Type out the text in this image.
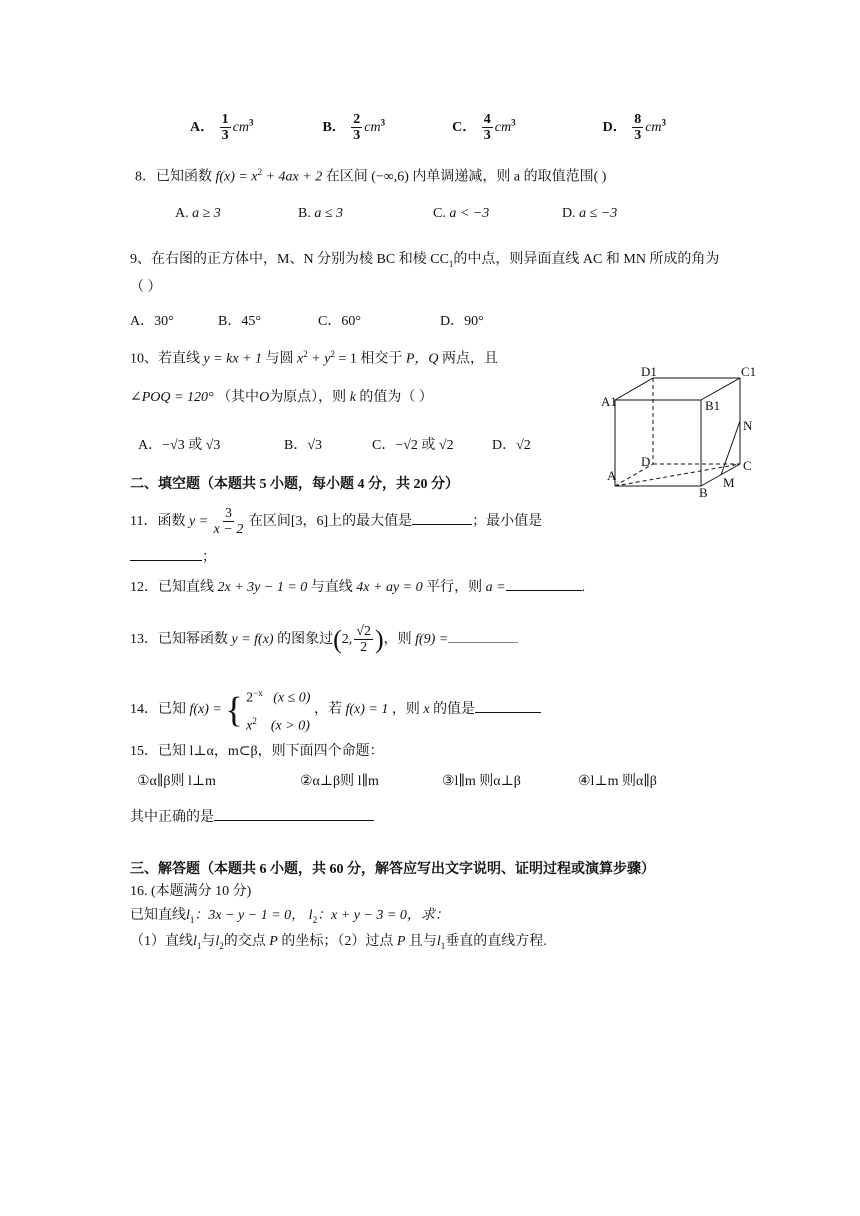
A． $\frac{1}{3} cm^3$	B． $\frac{2}{3} cm^3$	C． $\frac{4}{3} cm^3$	D． $\frac{8}{3} cm^3$
8．已知函数 $f(x) = x^2 + 4ax + 2$ 在区间 (−∞,6) 内单调递减，则 a 的取值范围( )
A. a ≥ 3	B. a ≤ 3	C. a < −3	D. a ≤ −3
9、在右图的正方体中，M、N 分别为棱 BC 和棱 $CC_1$的中点，则异面直线 AC 和 MN 所成的角为
（ ）
A．30°	B．45°	C．60°	D．90°
10、若直线 y = kx + 1 与圆 $x^2 + y^2 = 1$ 相交于 P，Q 两点，且
∠POQ = 120° （其中O为原点），则 k 的值为（ ）
A．−√3 或 √3	B．√3	C．−√2 或 √2	D．√2
D1	C1
A1	B1
N
D	C
A	M
B
二、填空题（本题共 5 小题，每小题 4 分，共 20 分）
11．函数 $y = \frac{3}{x - 2}$ 在区间[3，6]上的最大值是	；最小值是
；
12．已知直线 2x + 3y − 1 = 0 与直线 4x + ay = 0 平行，则 a =	.
13．已知幂函数 y = f(x) 的图象过(2, $\frac{√2}{2}$ )，则 f(9) =
14．已知 f(x) = { $2^{-x}$ (x ≤ 0)
$x^2$ (x > 0)
，若 f(x) = 1 ，则 x 的值是
15．已知 l⊥α，m⊂β，则下面四个命题：
①α∥β则 l⊥m	②α⊥β则 l∥m	③l∥m 则α⊥β	④l⊥m 则α∥β
其中正确的是
三、解答题（本题共 6 小题，共 60 分，解答应写出文字说明、证明过程或演算步骤）
16. (本题满分 10 分)
已知直线$l_1$：3x − y − 1 = 0， $l_2$：x + y − 3 = 0，求：
（1）直线$l_1$与$l_2$的交点 P 的坐标；（2）过点 P 且与$l_1$垂直的直线方程.
